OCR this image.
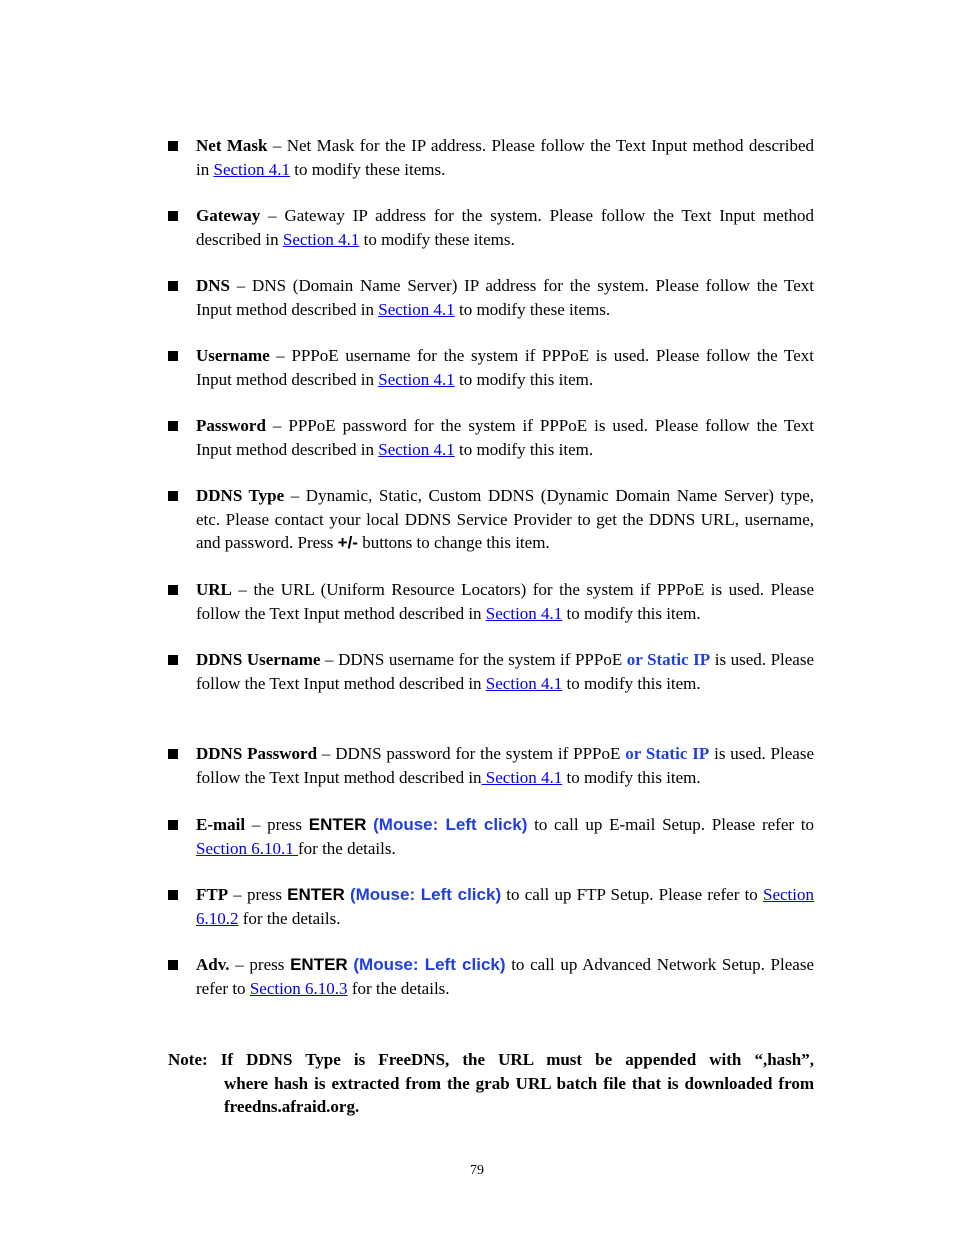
Net Mask – Net Mask for the IP address. Please follow the Text Input method described in Section 4.1 to modify these items.
Gateway – Gateway IP address for the system. Please follow the Text Input method described in Section 4.1 to modify these items.
DNS – DNS (Domain Name Server) IP address for the system. Please follow the Text Input method described in Section 4.1 to modify these items.
Username – PPPoE username for the system if PPPoE is used. Please follow the Text Input method described in Section 4.1 to modify this item.
Password – PPPoE password for the system if PPPoE is used. Please follow the Text Input method described in Section 4.1 to modify this item.
DDNS Type – Dynamic, Static, Custom DDNS (Dynamic Domain Name Server) type, etc. Please contact your local DDNS Service Provider to get the DDNS URL, username, and password. Press +/- buttons to change this item.
URL – the URL (Uniform Resource Locators) for the system if PPPoE is used. Please follow the Text Input method described in Section 4.1 to modify this item.
DDNS Username – DDNS username for the system if PPPoE or Static IP is used. Please follow the Text Input method described in Section 4.1 to modify this item.
DDNS Password – DDNS password for the system if PPPoE or Static IP is used. Please follow the Text Input method described in Section 4.1 to modify this item.
E-mail – press ENTER (Mouse: Left click) to call up E-mail Setup. Please refer to Section 6.10.1 for the details.
FTP – press ENTER (Mouse: Left click) to call up FTP Setup. Please refer to Section 6.10.2 for the details.
Adv. – press ENTER (Mouse: Left click) to call up Advanced Network Setup. Please refer to Section 6.10.3 for the details.
Note: If DDNS Type is FreeDNS, the URL must be appended with “,hash”,
where hash is extracted from the grab URL batch file that is downloaded from freedns.afraid.org.
79
